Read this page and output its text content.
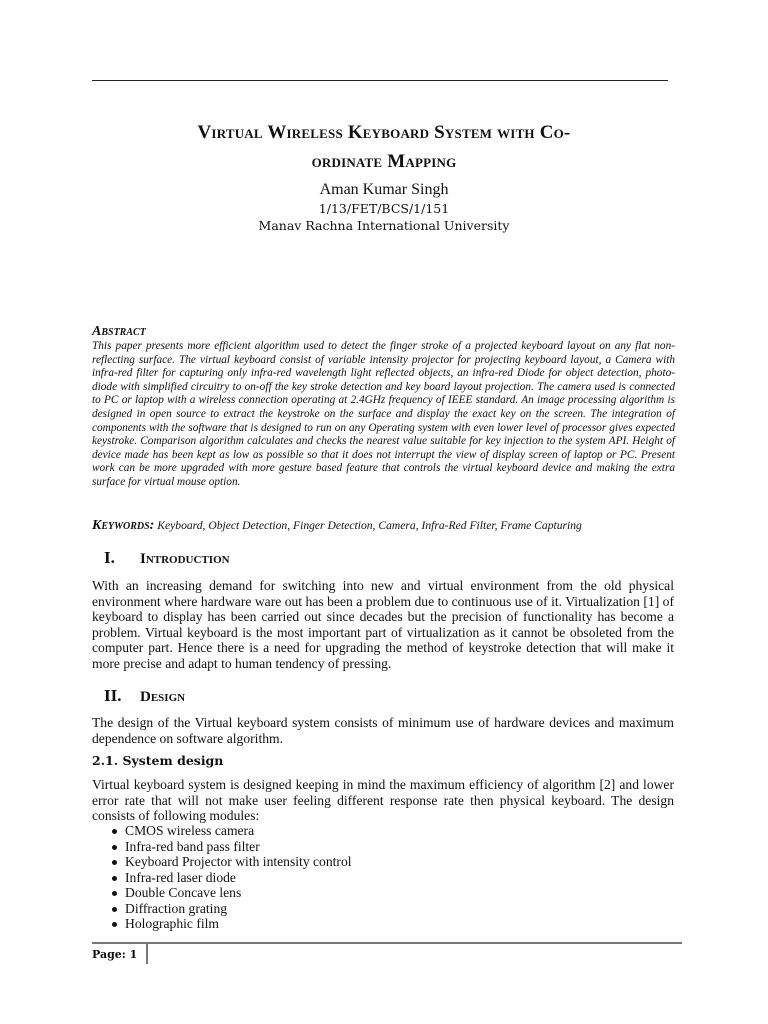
Virtual Wireless Keyboard System with Co-
ordinate Mapping
Aman Kumar Singh
1/13/FET/BCS/1/151
Manav Rachna International University
Abstract
This paper presents more efficient algorithm used to detect the finger stroke of a projected keyboard layout on any flat non-reflecting surface. The virtual keyboard consist of variable intensity projector for projecting keyboard layout, a Camera with infra-red filter for capturing only infra-red wavelength light reflected objects, an infra-red Diode for object detection, photo-diode with simplified circuitry to on-off the key stroke detection and key board layout projection. The camera used is connected to PC or laptop with a wireless connection operating at 2.4GHz frequency of IEEE standard. An image processing algorithm is designed in open source to extract the keystroke on the surface and display the exact key on the screen. The integration of components with the software that is designed to run on any Operating system with even lower level of processor gives expected keystroke. Comparison algorithm calculates and checks the nearest value suitable for key injection to the system API. Height of device made has been kept as low as possible so that it does not interrupt the view of display screen of laptop or PC. Present work can be more upgraded with more gesture based feature that controls the virtual keyboard device and making the extra surface for virtual mouse option.
Keywords: Keyboard, Object Detection, Finger Detection, Camera, Infra-Red Filter, Frame Capturing
I. Introduction
With an increasing demand for switching into new and virtual environment from the old physical environment where hardware ware out has been a problem due to continuous use of it. Virtualization [1] of keyboard to display has been carried out since decades but the precision of functionality has become a problem. Virtual keyboard is the most important part of virtualization as it cannot be obsoleted from the computer part. Hence there is a need for upgrading the method of keystroke detection that will make it more precise and adapt to human tendency of pressing.
II. Design
The design of the Virtual keyboard system consists of minimum use of hardware devices and maximum dependence on software algorithm.
2.1. System design
Virtual keyboard system is designed keeping in mind the maximum efficiency of algorithm [2] and lower error rate that will not make user feeling different response rate then physical keyboard. The design consists of following modules:
CMOS wireless camera
Infra-red band pass filter
Keyboard Projector with intensity control
Infra-red laser diode
Double Concave lens
Diffraction grating
Holographic film
Page: 1
